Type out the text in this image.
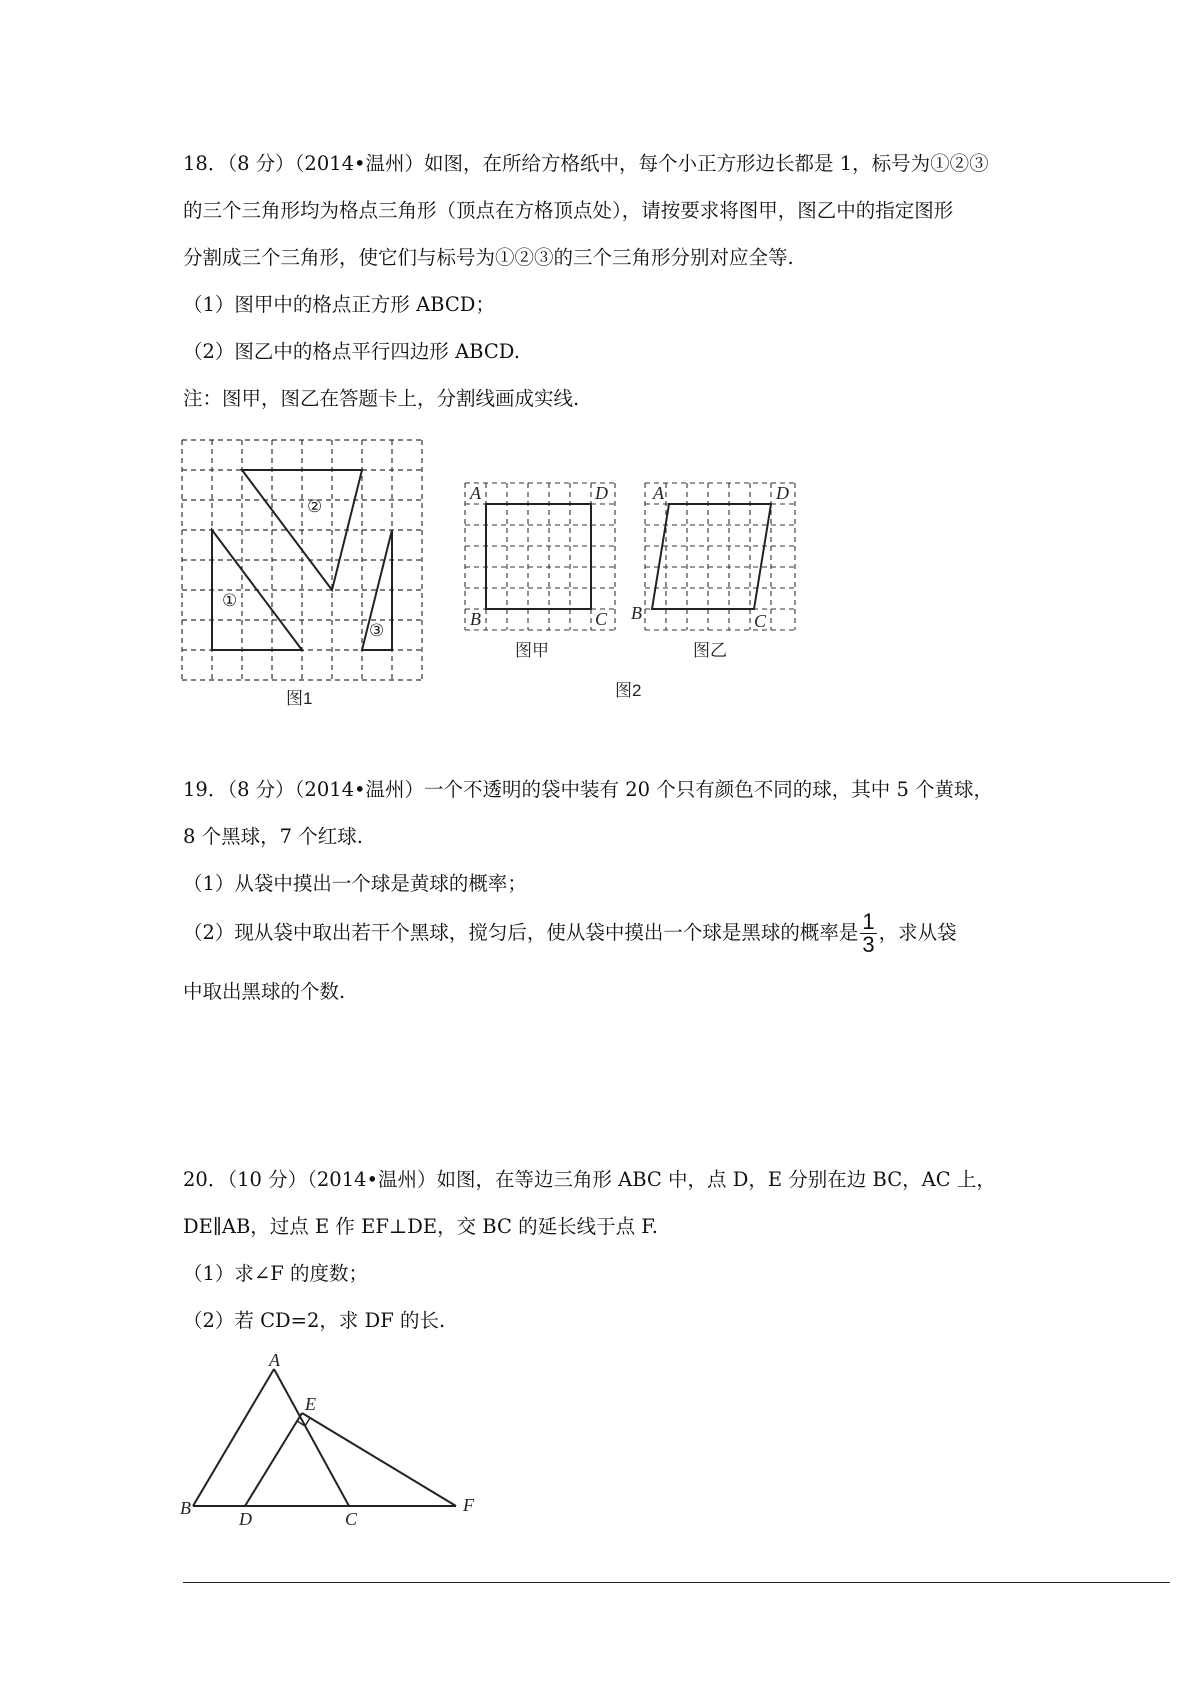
18．（8 分）（2014•温州）如图，在所给方格纸中，每个小正方形边长都是 1，标号为①②③
的三个三角形均为格点三角形（顶点在方格顶点处），请按要求将图甲，图乙中的指定图形
分割成三个三角形，使它们与标号为①②③的三个三角形分别对应全等.
（1）图甲中的格点正方形 ABCD；
（2）图乙中的格点平行四边形 ABCD.
注：图甲，图乙在答题卡上，分割线画成实线.
①
②
③
图1
A	D
B	C
图甲
A	D
B	C
图乙
图2
19．（8 分）（2014•温州）一个不透明的袋中装有 20 个只有颜色不同的球，其中 5 个黄球，
8 个黑球，7 个红球.
（1）从袋中摸出一个球是黄球的概率；
（2）现从袋中取出若干个黑球，搅匀后，使从袋中摸出一个球是黑球的概率是 $\frac{1}{3}$ ，求从袋
中取出黑球的个数.
20．（10 分）（2014•温州）如图，在等边三角形 ABC 中，点 D，E 分别在边 BC，AC 上，
DE∥AB，过点 E 作 EF⊥DE，交 BC 的延长线于点 F.
（1）求∠F 的度数；
（2）若 CD=2，求 DF 的长.
A
E
B
D	C
F
